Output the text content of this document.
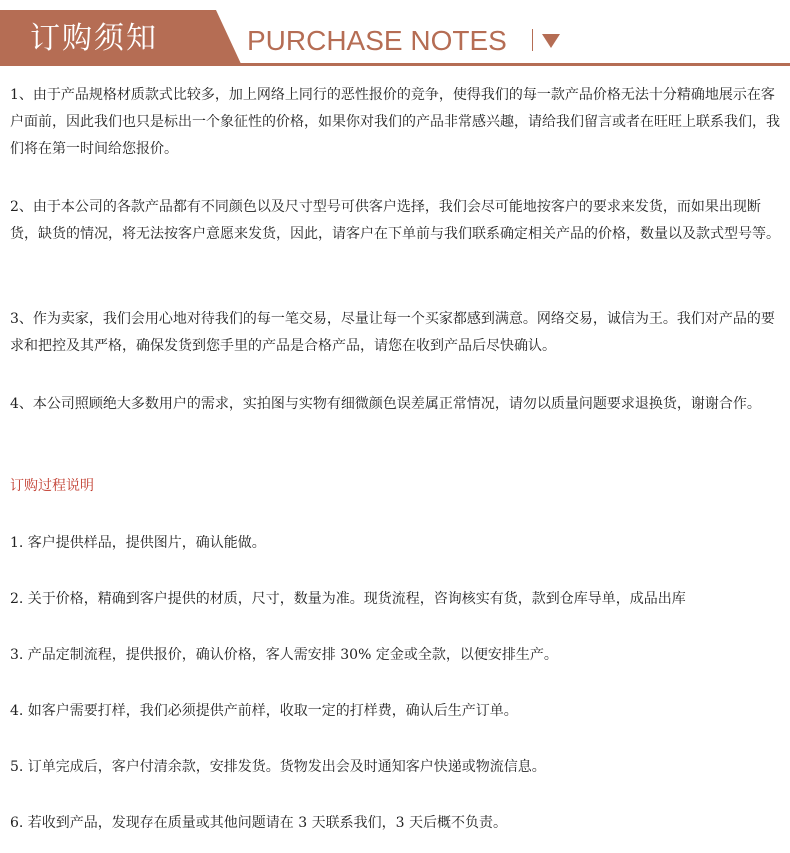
订购须知	PURCHASE NOTES

1、由于产品规格材质款式比较多，加上网络上同行的恶性报价的竞争，使得我们的每一款产品价格无法十分精确地展示在客户面前，因此我们也只是标出一个象征性的价格，如果你对我们的产品非常感兴趣，请给我们留言或者在旺旺上联系我们，我们将在第一时间给您报价。

2、由于本公司的各款产品都有不同颜色以及尺寸型号可供客户选择，我们会尽可能地按客户的要求来发货，而如果出现断货，缺货的情况，将无法按客户意愿来发货，因此，请客户在下单前与我们联系确定相关产品的价格，数量以及款式型号等。

3、作为卖家，我们会用心地对待我们的每一笔交易，尽量让每一个买家都感到满意。网络交易，诚信为王。我们对产品的要求和把控及其严格，确保发货到您手里的产品是合格产品，请您在收到产品后尽快确认。

4、本公司照顾绝大多数用户的需求，实拍图与实物有细微颜色误差属正常情况，请勿以质量问题要求退换货，谢谢合作。

订购过程说明
1. 客户提供样品，提供图片，确认能做。
2. 关于价格，精确到客户提供的材质，尺寸，数量为准。现货流程，咨询核实有货，款到仓库导单，成品出库
3. 产品定制流程，提供报价，确认价格，客人需安排 30% 定金或全款，以便安排生产。
4. 如客户需要打样，我们必须提供产前样，收取一定的打样费，确认后生产订单。
5. 订单完成后，客户付清余款，安排发货。货物发出会及时通知客户快递或物流信息。
6. 若收到产品，发现存在质量或其他问题请在 3 天联系我们，3 天后概不负责。
